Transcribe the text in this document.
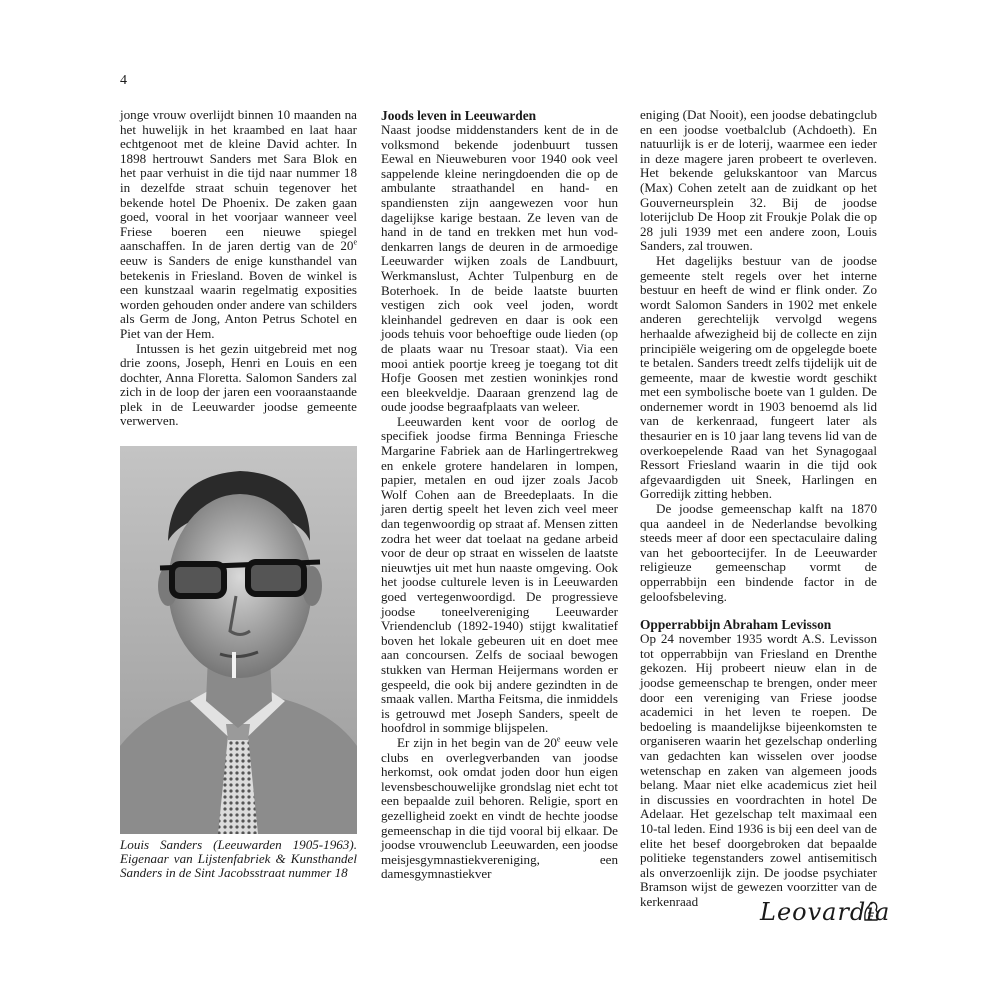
4

jonge vrouw overlijdt binnen 10 maanden na het huwelijk in het kraambed en laat haar echtgenoot met de kleine David achter. In 1898 hertrouwt Sanders met Sara Blok en het paar verhuist in die tijd naar nummer 18 in dezelfde straat schuin tegenover het bekende hotel De Phoenix. De zaken gaan goed, vooral in het voorjaar wanneer veel Friese boeren een nieuwe spiegel aanschaffen. In de jaren dertig van de 20e eeuw is Sanders de enige kunsthandel van betekenis in Friesland. Boven de winkel is een kunstzaal waarin regelmatig exposities worden gehouden onder andere van schilders als Germ de Jong, Anton Petrus Schotel en Piet van der Hem.

Intussen is het gezin uitgebreid met nog drie zoons, Joseph, Henri en Louis en een dochter, Anna Floretta. Salomon Sanders zal zich in de loop der jaren een vooraanstaande plek in de Leeuwarder joodse gemeente verwerven.

Louis Sanders (Leeuwarden 1905-1963). Eigenaar van Lijstenfabriek & Kunsthandel Sanders in de Sint Jacobsstraat nummer 18
Joods leven in Leeuwarden

Naast joodse middenstanders kent de in de volksmond bekende jodenbuurt tussen Eewal en Nieuweburen voor 1940 ook veel sappelende kleine neringdoenden die op de ambulante straathandel en hand- en spandiensten zijn aangewezen voor hun dagelijkse karige bestaan. Ze leven van de hand in de tand en trekken met hun voddenkarren langs de deuren in de armoedige Leeuwarder wijken zoals de Landbuurt, Werkmanslust, Achter Tulpenburg en de Boterhoek. In de beide laatste buurten vestigen zich ook veel joden, wordt kleinhandel gedreven en daar is ook een joods tehuis voor behoeftige oude lieden (op de plaats waar nu Tresoar staat). Via een mooi antiek poortje kreeg je toegang tot dit Hofje Goosen met zestien woninkjes rond een bleekveldje. Daaraan grenzend lag de oude joodse begraafplaats van weleer.

Leeuwarden kent voor de oorlog de specifiek joodse firma Benninga Friesche Margarine Fabriek aan de Harlingertrekweg en enkele grotere handelaren in lompen, papier, metalen en oud ijzer zoals Jacob Wolf Cohen aan de Breedeplaats. In die jaren dertig speelt het leven zich veel meer dan tegenwoordig op straat af. Mensen zitten zodra het weer dat toelaat na gedane arbeid voor de deur op straat en wisselen de laatste nieuwtjes uit met hun naaste omgeving. Ook het joodse culturele leven is in Leeuwarden goed vertegenwoordigd. De progressieve joodse toneelvereniging Leeuwarder Vriendenclub (1892-1940) stijgt kwalitatief boven het lokale gebeuren uit en doet mee aan concoursen. Zelfs de sociaal bewogen stukken van Herman Heijermans worden er gespeeld, die ook bij andere gezindten in de smaak vallen. Martha Feitsma, die inmiddels is getrouwd met Joseph Sanders, speelt de hoofdrol in sommige blijspelen.

Er zijn in het begin van de 20e eeuw vele clubs en overlegverbanden van joodse herkomst, ook omdat joden door hun eigen levensbeschouwelijke grondslag niet echt tot een bepaalde zuil behoren. Religie, sport en gezelligheid zoekt en vindt de hechte joodse gemeenschap in die tijd vooral bij elkaar. De joodse vrouwenclub Leeuwarden, een joodse meisjesgymnastiekvereniging, een damesgymnastiekver

eniging (Dat Nooit), een joodse debatingclub en een joodse voetbalclub (Achdoeth). En natuurlijk is er de loterij, waarmee een ieder in deze magere jaren probeert te overleven. Het bekende gelukskantoor van Marcus (Max) Cohen zetelt aan de zuidkant op het Gouverneursplein 32. Bij de joodse loterijclub De Hoop zit Froukje Polak die op 28 juli 1939 met een andere zoon, Louis Sanders, zal trouwen.

Het dagelijks bestuur van de joodse gemeente stelt regels over het interne bestuur en heeft de wind er flink onder. Zo wordt Salomon Sanders in 1902 met enkele anderen gerechtelijk vervolgd wegens herhaalde afwezigheid bij de collecte en zijn principiële weigering om de opgelegde boete te betalen. Sanders treedt zelfs tijdelijk uit de gemeente, maar de kwestie wordt geschikt met een symbolische boete van 1 gulden. De ondernemer wordt in 1903 benoemd als lid van de kerkenraad, fungeert later als thesaurier en is 10 jaar lang tevens lid van de overkoepelende Raad van het Synagogaal Ressort Friesland waarin in die tijd ook afgevaardigden uit Sneek, Harlingen en Gorredijk zitting hebben.

De joodse gemeenschap kalft na 1870 qua aandeel in de Nederlandse bevolking steeds meer af door een spectaculaire daling van het geboortecijfer. In de Leeuwarder religieuze gemeenschap vormt de opperrabbijn een bindende factor in de geloofsbeleving.

Opperrabbijn Abraham Levisson

Op 24 november 1935 wordt A.S. Levisson tot opperrabbijn van Friesland en Drenthe gekozen. Hij probeert nieuw elan in de joodse gemeenschap te brengen, onder meer door een vereniging van Friese joodse academici in het leven te roepen. De bedoeling is maandelijkse bijeenkomsten te organiseren waarin het gezelschap onderling van gedachten kan wisselen over joodse wetenschap en zaken van algemeen joods belang. Maar niet elke academicus ziet heil in discussies en voordrachten in hotel De Adelaar. Het gezelschap telt maximaal een 10-tal leden. Eind 1936 is bij een deel van de elite het besef doorgebroken dat bepaalde politieke tegenstanders zowel antisemitisch als onverzoenlijk zijn. De joodse psychiater Bramson wijst de gewezen voorzitter van de kerkenraad	Leovardia
